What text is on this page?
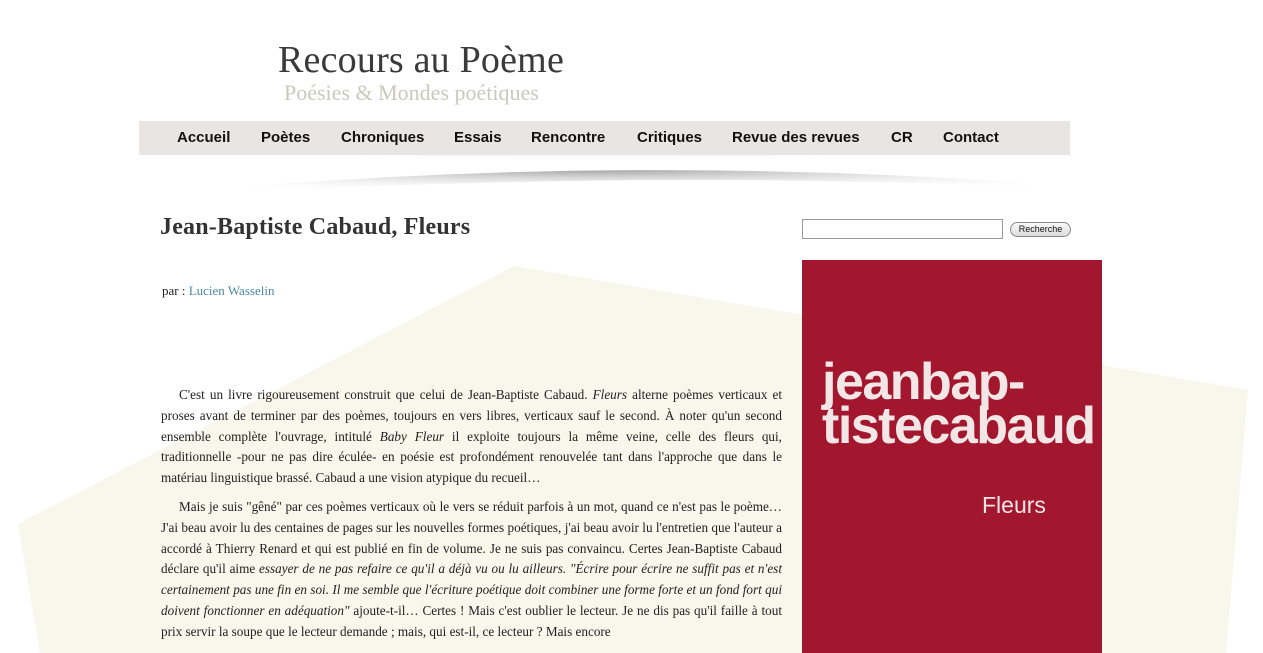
Recours au Poème
Poésies & Mondes poétiques
Accueil Poètes Chroniques Essais Rencontre Critiques Revue des revues CR Contact
Jean-Baptiste Cabaud, Fleurs
par : Lucien Wasselin

C'est un livre rigoureusement construit que celui de Jean-Baptiste Cabaud. Fleurs alterne poèmes verticaux et proses avant de terminer par des poèmes, toujours en vers libres, verticaux sauf le second. À noter qu'un second ensemble complète l'ouvrage, intitulé Baby Fleur il exploite toujours la même veine, celle des fleurs qui, traditionnelle -pour ne pas dire éculée- en poésie est profondément renouvelée tant dans l'approche que dans le matériau linguistique brassé. Cabaud a une vision atypique du recueil…

Mais je suis "gêné" par ces poèmes verticaux où le vers se réduit parfois à un mot, quand ce n'est pas le poème… J'ai beau avoir lu des centaines de pages sur les nouvelles formes poétiques, j'ai beau avoir lu l'entretien que l'auteur a accordé à Thierry Renard et qui est publié en fin de volume. Je ne suis pas convaincu. Certes Jean-Baptiste Cabaud déclare qu'il aime essayer de ne pas refaire ce qu'il a déjà vu ou lu ailleurs. "Écrire pour écrire ne suffit pas et n'est certainement pas une fin en soi. Il me semble que l'écriture poétique doit combiner une forme forte et un fond fort qui doivent fonctionner en adéquation" ajoute-t-il… Certes ! Mais c'est oublier le lecteur. Je ne dis pas qu'il faille à tout prix servir la soupe que le lecteur demande ; mais, qui est-il, ce lecteur ? Mais encore

Recherche
jeanbap-
tistecabaud
Fleurs
